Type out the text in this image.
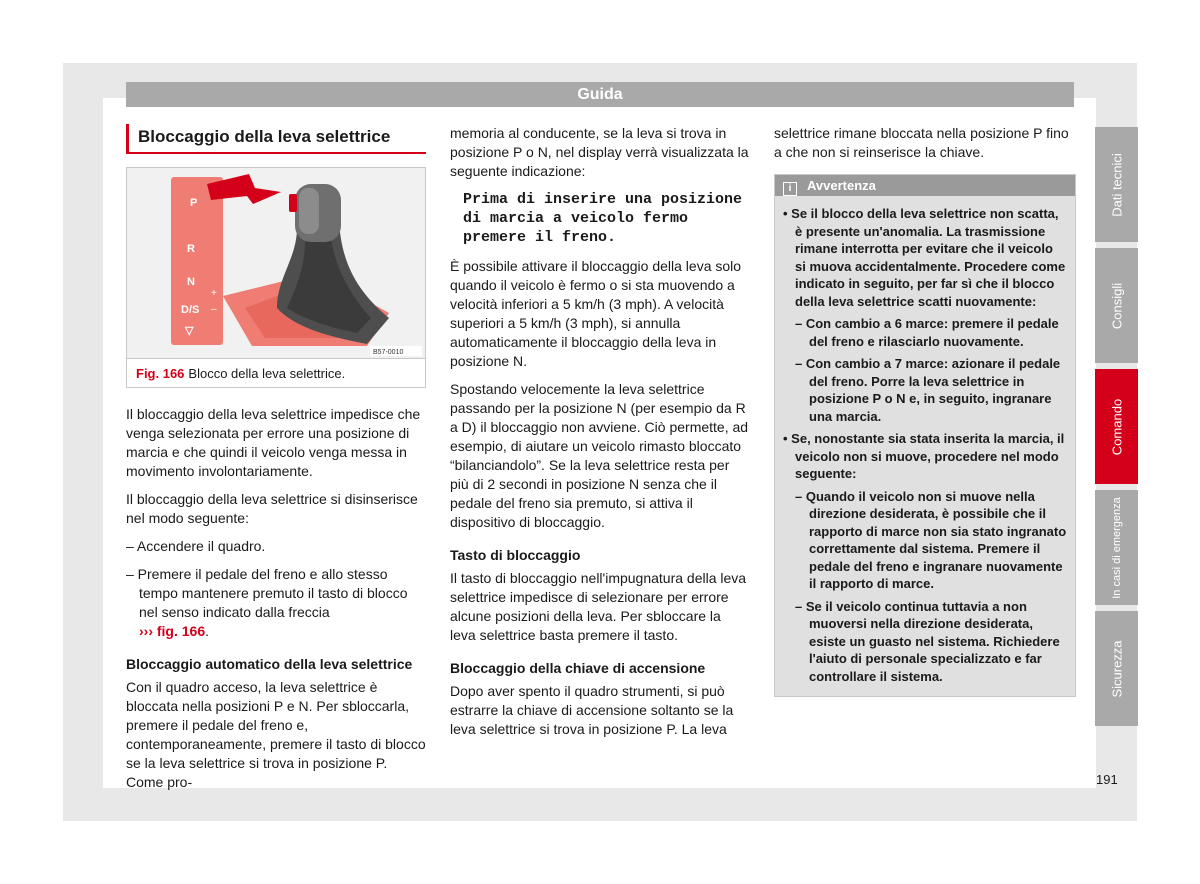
Guida
Bloccaggio della leva selettrice
P
R
N
D/S
▽
+
–
B57-0010
Fig. 166 Blocco della leva selettrice.

Il bloccaggio della leva selettrice impedisce che venga selezionata per errore una posizione di marcia e che quindi il veicolo venga messa in movimento involontariamente.

Il bloccaggio della leva selettrice si disinserisce nel modo seguente:

– Accendere il quadro.

– Premere il pedale del freno e allo stesso tempo mantenere premuto il tasto di blocco nel senso indicato dalla freccia
››› fig. 166.

Bloccaggio automatico della leva selettrice

Con il quadro acceso, la leva selettrice è bloccata nella posizioni P e N. Per sbloccarla, premere il pedale del freno e, contemporaneamente, premere il tasto di blocco se la leva selettrice si trova in posizione P. Come pro-

memoria al conducente, se la leva si trova in posizione P o N, nel display verrà visualizzata la seguente indicazione:

Prima di inserire una posizione di marcia a veicolo fermo premere il freno.

È possibile attivare il bloccaggio della leva solo quando il veicolo è fermo o si sta muovendo a velocità inferiori a 5 km/h (3 mph). A velocità superiori a 5 km/h (3 mph), si annulla automaticamente il bloccaggio della leva in posizione N.

Spostando velocemente la leva selettrice passando per la posizione N (per esempio da R a D) il bloccaggio non avviene. Ciò permette, ad esempio, di aiutare un veicolo rimasto bloccato “bilanciandolo”. Se la leva selettrice resta per più di 2 secondi in posizione N senza che il pedale del freno sia premuto, si attiva il dispositivo di bloccaggio.

Tasto di bloccaggio

Il tasto di bloccaggio nell'impugnatura della leva selettrice impedisce di selezionare per errore alcune posizioni della leva. Per sbloccare la leva selettrice basta premere il tasto.

Bloccaggio della chiave di accensione

Dopo aver spento il quadro strumenti, si può estrarre la chiave di accensione soltanto se la leva selettrice si trova in posizione P. La leva

selettrice rimane bloccata nella posizione P fino a che non si reinserisce la chiave.

i Avvertenza

• Se il blocco della leva selettrice non scatta, è presente un'anomalia. La trasmissione rimane interrotta per evitare che il veicolo si muova accidentalmente. Procedere come indicato in seguito, per far sì che il blocco della leva selettrice scatti nuovamente:

– Con cambio a 6 marce: premere il pedale del freno e rilasciarlo nuovamente.

– Con cambio a 7 marce: azionare il pedale del freno. Porre la leva selettrice in posizione P o N e, in seguito, ingranare una marcia.

• Se, nonostante sia stata inserita la marcia, il veicolo non si muove, procedere nel modo seguente:

– Quando il veicolo non si muove nella direzione desiderata, è possibile che il rapporto di marce non sia stato ingranato correttamente dal sistema. Premere il pedale del freno e ingranare nuovamente il rapporto di marce.

– Se il veicolo continua tuttavia a non muoversi nella direzione desiderata, esiste un guasto nel sistema. Richiedere l'aiuto di personale specializzato e far controllare il sistema.

Dati tecnici
Consigli
Comando
In casi di emergenza
Sicurezza
191
